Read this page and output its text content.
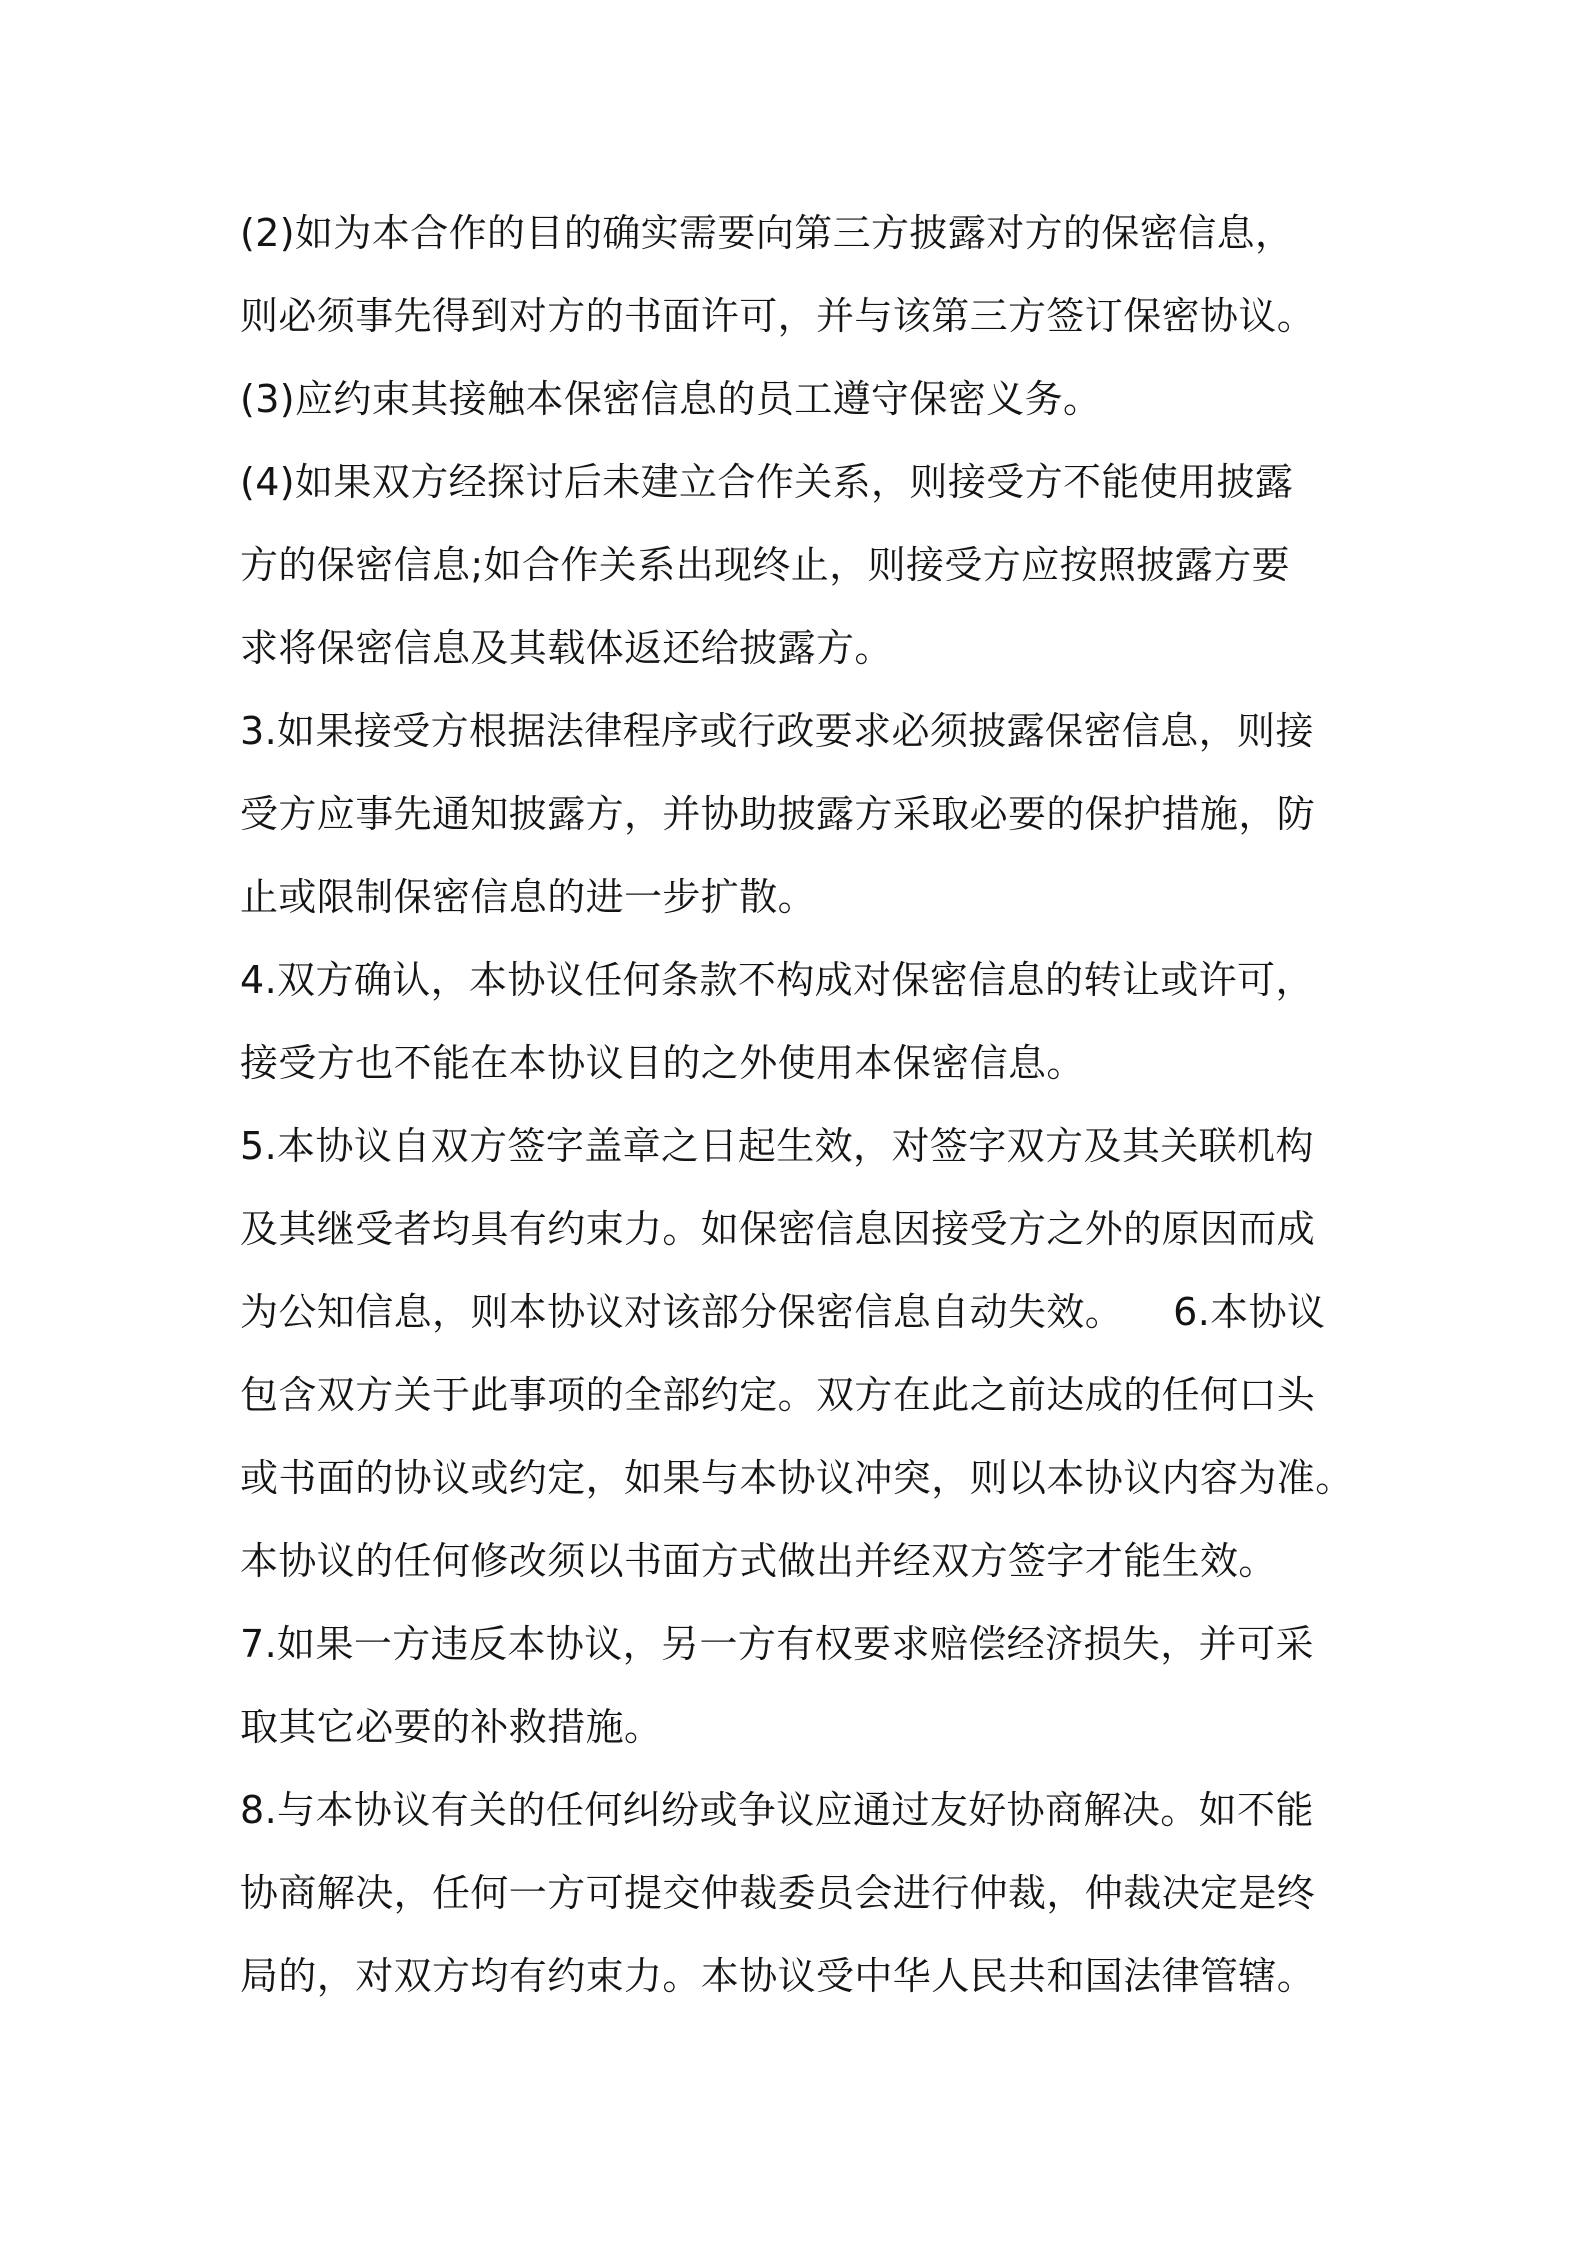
(2)如为本合作的目的确实需要向第三方披露对方的保密信息，
则必须事先得到对方的书面许可，并与该第三方签订保密协议。
(3)应约束其接触本保密信息的员工遵守保密义务。
(4)如果双方经探讨后未建立合作关系，则接受方不能使用披露
方的保密信息;如合作关系出现终止，则接受方应按照披露方要
求将保密信息及其载体返还给披露方。
3.如果接受方根据法律程序或行政要求必须披露保密信息，则接
受方应事先通知披露方，并协助披露方采取必要的保护措施，防
止或限制保密信息的进一步扩散。
4.双方确认，本协议任何条款不构成对保密信息的转让或许可，
接受方也不能在本协议目的之外使用本保密信息。
5.本协议自双方签字盖章之日起生效，对签字双方及其关联机构
及其继受者均具有约束力。如保密信息因接受方之外的原因而成
为公知信息，则本协议对该部分保密信息自动失效。    6.本协议
包含双方关于此事项的全部约定。双方在此之前达成的任何口头
或书面的协议或约定，如果与本协议冲突，则以本协议内容为准。
本协议的任何修改须以书面方式做出并经双方签字才能生效。
7.如果一方违反本协议，另一方有权要求赔偿经济损失，并可采
取其它必要的补救措施。
8.与本协议有关的任何纠纷或争议应通过友好协商解决。如不能
协商解决，任何一方可提交仲裁委员会进行仲裁，仲裁决定是终
局的，对双方均有约束力。本协议受中华人民共和国法律管辖。
